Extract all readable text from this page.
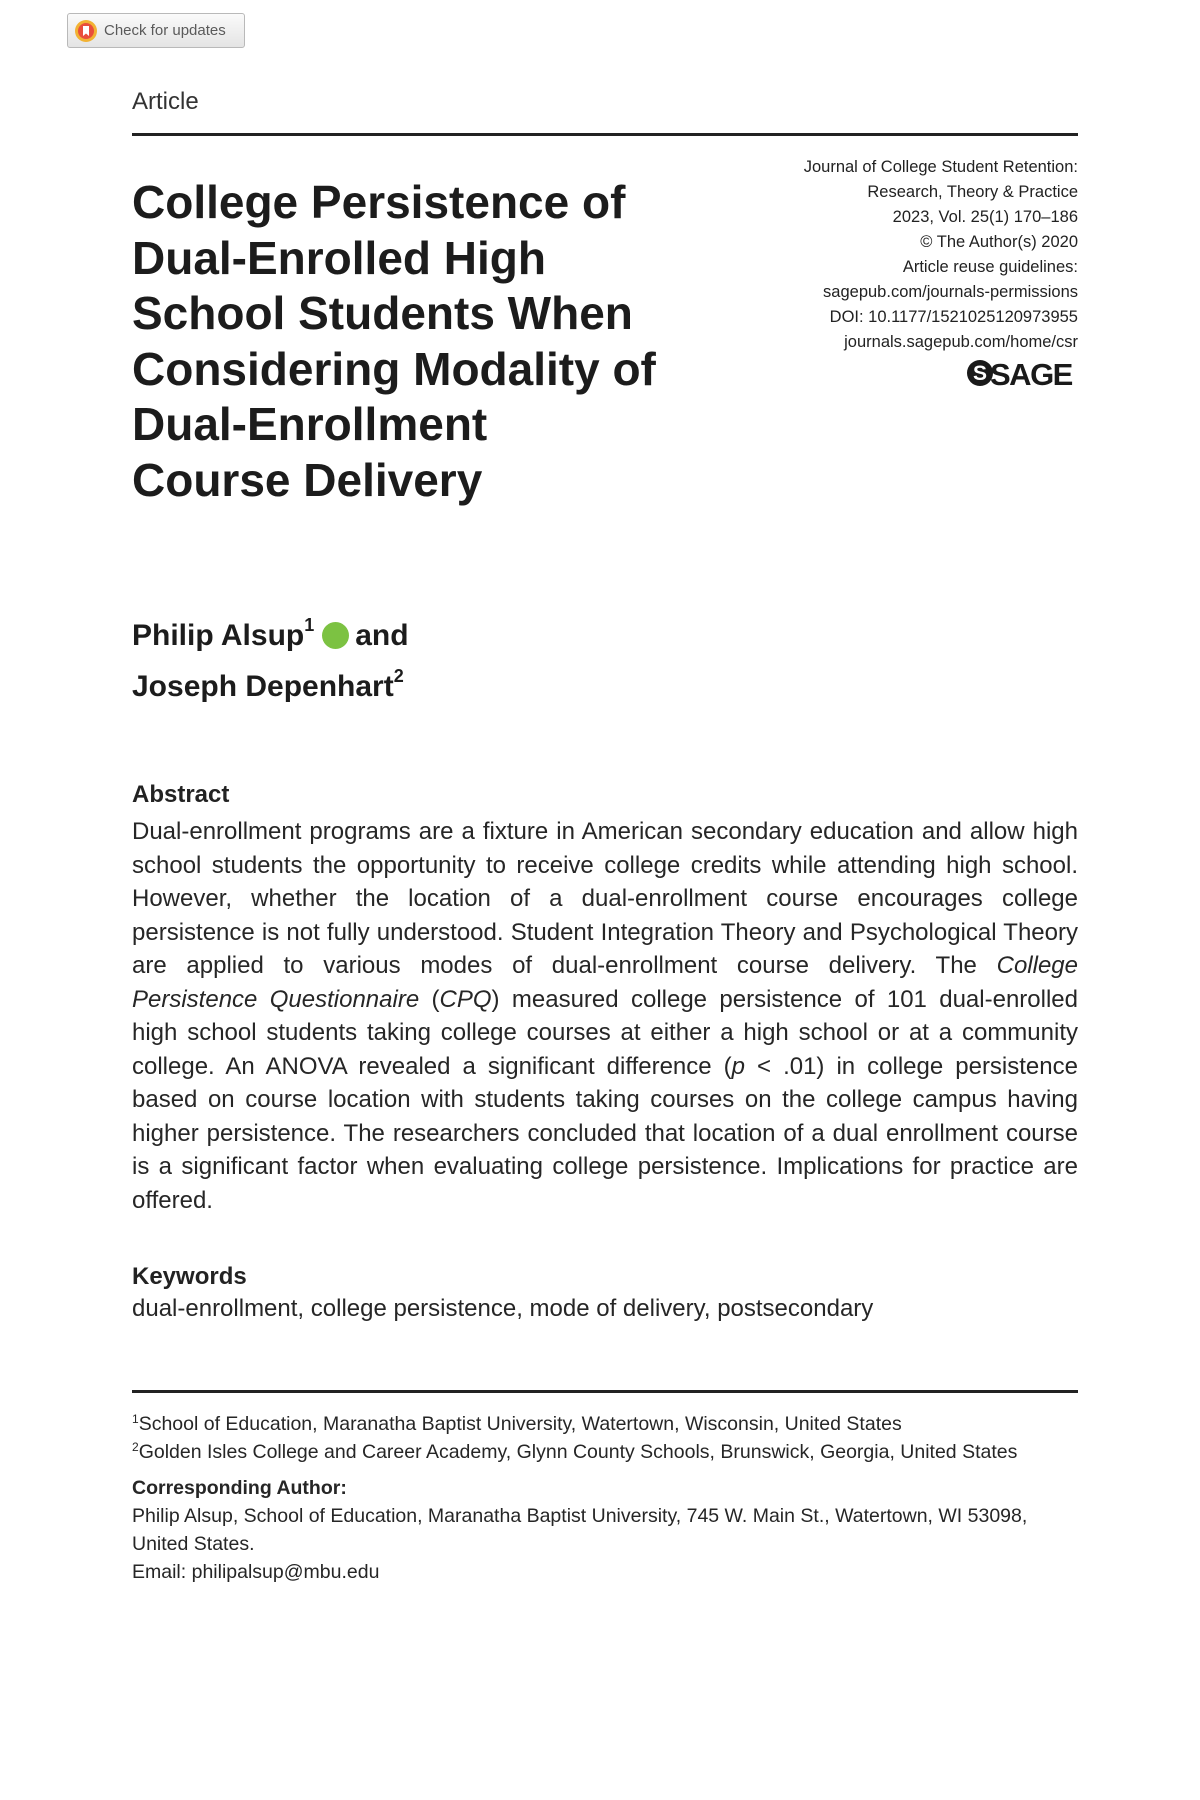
Check for updates
Article
College Persistence of
Dual-Enrolled High
School Students When
Considering Modality of
Dual-Enrollment
Course Delivery
Journal of College Student Retention:
Research, Theory & Practice
2023, Vol. 25(1) 170–186
© The Author(s) 2020
Article reuse guidelines:
sagepub.com/journals-permissions
DOI: 10.1177/1521025120973955
journals.sagepub.com/home/csr
S SAGE
Philip Alsup$^1$ and
Joseph Depenhart$^2$
Abstract

Dual-enrollment programs are a fixture in American secondary education and allow high school students the opportunity to receive college credits while attending high school. However, whether the location of a dual-enrollment course encourages college persistence is not fully understood. Student Integration Theory and Psychological Theory are applied to various modes of dual-enrollment course delivery. The College Persistence Questionnaire (CPQ) measured college persistence of 101 dual-enrolled high school students taking college courses at either a high school or at a community college. An ANOVA revealed a significant difference (p < .01) in college persistence based on course location with students taking courses on the college campus having higher persistence. The researchers concluded that location of a dual enrollment course is a significant factor when evaluating college persistence. Implications for practice are offered.

Keywords
dual-enrollment, college persistence, mode of delivery, postsecondary
$^1$School of Education, Maranatha Baptist University, Watertown, Wisconsin, United States
$^2$Golden Isles College and Career Academy, Glynn County Schools, Brunswick, Georgia, United States
Corresponding Author:
Philip Alsup, School of Education, Maranatha Baptist University, 745 W. Main St., Watertown, WI 53098,
United States.
Email: philipalsup@mbu.edu
